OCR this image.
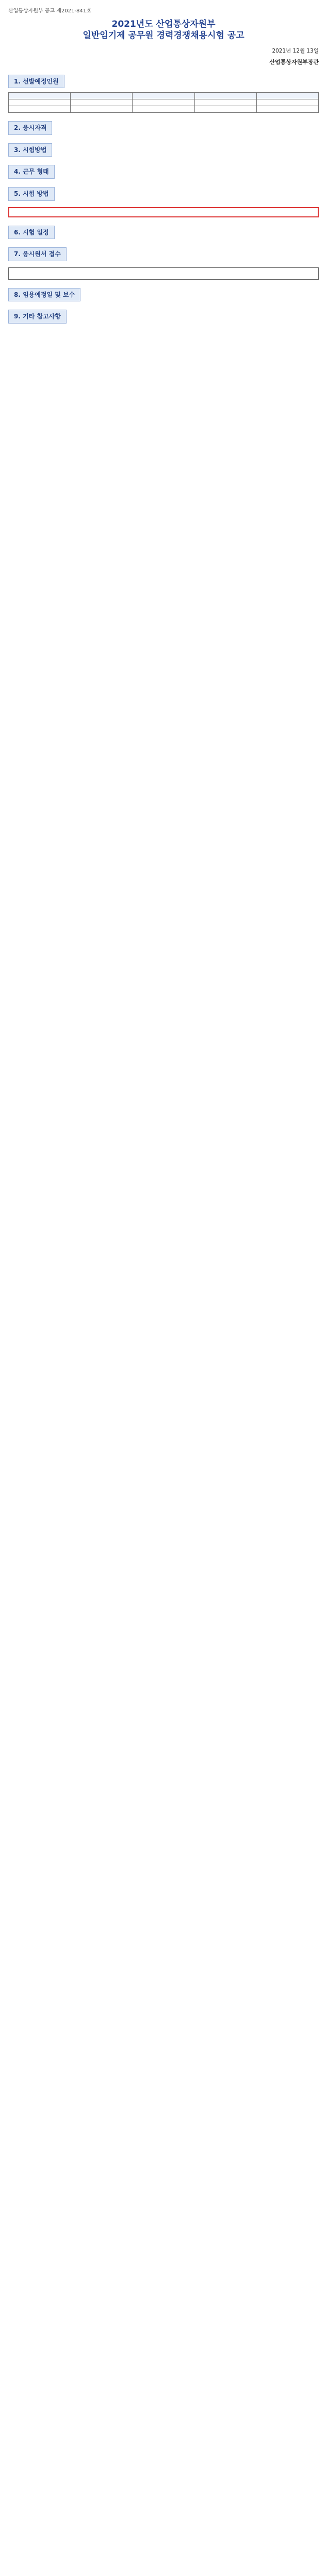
산업통상자원부 공고 제2021-841호
2021년도 산업통상자원부
일반임기제 공무원 경력경쟁채용시험 공고
2021년 12월 13일
산업통상자원부장관
1. 선발예정인원

2. 응시자격
3. 시험방법
4. 근무 형태
5. 시험 방법
6. 시험 일정
7. 응시원서 접수
8. 임용예정일 및 보수
9. 기타 참고사항
